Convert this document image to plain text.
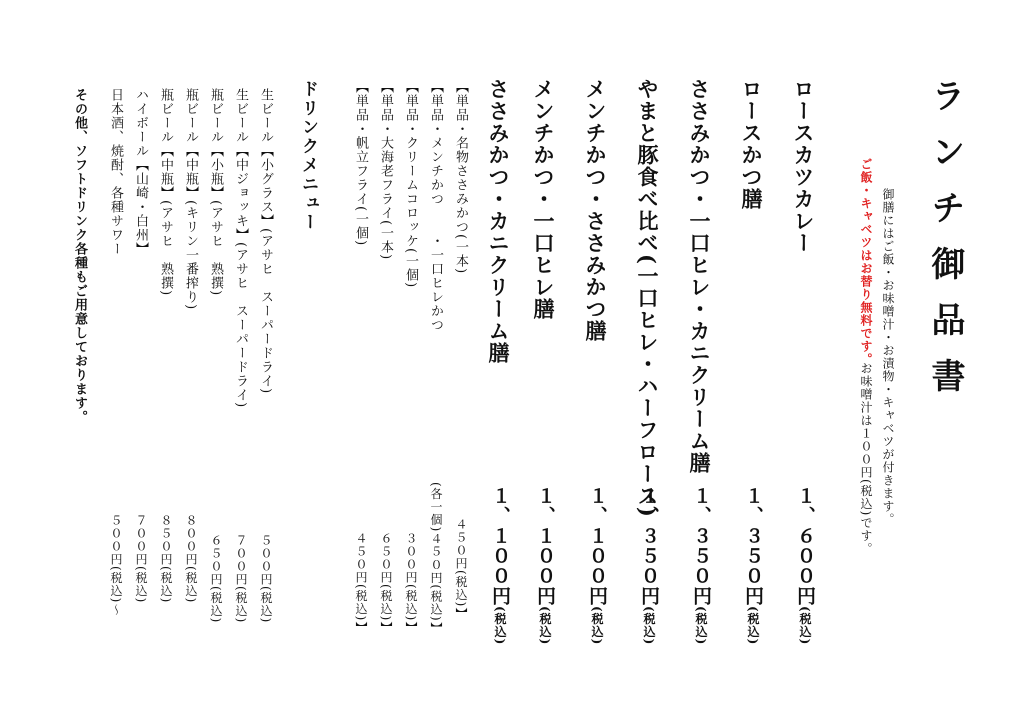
ランチ御品書
御膳にはご飯・お味噌汁・お漬物・キャベツが付きます。
ご飯・キャベツはお替り無料です。
お味噌汁は１００円(税込)です。
ロースカツカレー
１、６００円(税込)
ロースかつ膳
１、３５０円(税込)
ささみかつ・一口ヒレ・カニクリーム膳
１、３５０円(税込)
やまと豚食べ比べ(一口ヒレ・ハーフロース)
１、３５０円(税込)
メンチかつ・ささみかつ膳
１、１００円(税込)
メンチかつ・一口ヒレ膳
１、１００円(税込)
ささみかつ・カニクリーム膳
１、１００円(税込)
【単品・名物ささみかつ(一本)
４５０円(税込)】
【単品・メンチかつ　　・一口ヒレかつ
(各一個)４５０円(税込)】
【単品・クリームコロッケ(一個)
３００円(税込)】
【単品・大海老フライ(一本)
６５０円(税込)】
【単品・帆立フライ(一個)
４５０円(税込)】
ドリンクメニュー
生ビール【小グラス】(アサヒ　スーパードライ)
５００円(税込)
生ビール【中ジョッキ】(アサヒ　スーパードライ)
７００円(税込)
瓶ビール【小瓶】(アサヒ　熟撰)
６５０円(税込)
瓶ビール【中瓶】(キリン一番搾り)
８００円(税込)
瓶ビール【中瓶】(アサヒ　熟撰)
８５０円(税込)
ハイボール【山崎・白州】
７００円(税込)
日本酒、焼酎、各種サワー
５００円(税込)～
その他、ソフトドリンク各種もご用意しております。
